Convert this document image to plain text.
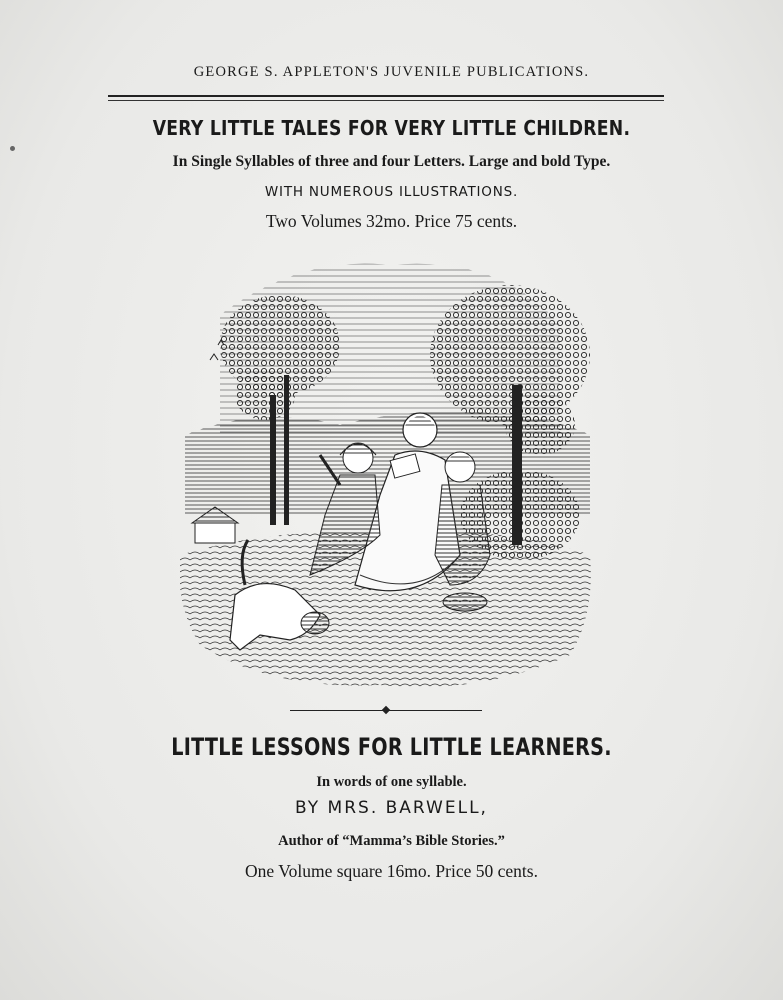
GEORGE S. APPLETON'S JUVENILE PUBLICATIONS.
VERY LITTLE TALES FOR VERY LITTLE CHILDREN.
In Single Syllables of three and four Letters. Large and bold Type.
WITH NUMEROUS ILLUSTRATIONS.
Two Volumes 32mo. Price 75 cents.
LITTLE LESSONS FOR LITTLE LEARNERS.
In words of one syllable.
BY MRS. BARWELL,
Author of “Mamma’s Bible Stories.”
One Volume square 16mo. Price 50 cents.
